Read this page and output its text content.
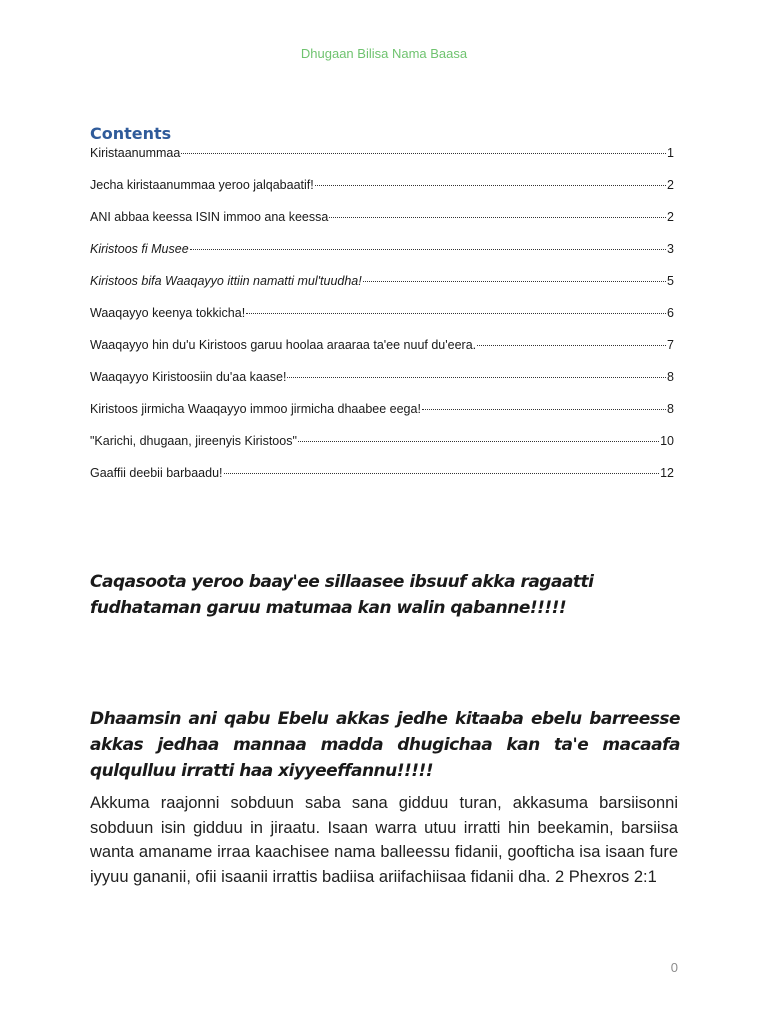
Dhugaan Bilisa Nama Baasa
Contents
Kiristaanummaa	1
Jecha kiristaanummaa yeroo jalqabaatif!	2
ANI abbaa keessa ISIN immoo ana keessa	2
Kiristoos fi Musee	3
Kiristoos bifa Waaqayyo ittiin namatti mul'tuudha!	5
Waaqayyo keenya tokkicha!	6
Waaqayyo hin du'u Kiristoos garuu hoolaa araaraa ta'ee nuuf du'eera.	7
Waaqayyo Kiristoosiin du'aa kaase!	8
Kiristoos jirmicha Waaqayyo immoo jirmicha dhaabee eega!	8
"Karichi, dhugaan, jireenyis Kiristoos"	10
Gaaffii deebii barbaadu!	12
Caqasoota yeroo baay'ee sillaasee ibsuuf akka ragaatti fudhataman garuu matumaa kan walin qabanne!!!!!
Dhaamsin ani qabu Ebelu akkas jedhe kitaaba ebelu barreesse akkas jedhaa mannaa madda dhugichaa kan ta'e macaafa qulqulluu irratti haa xiyyeeffannu!!!!!

Akkuma raajonni sobduun saba sana gidduu turan, akkasuma barsiisonni sobduun isin gidduu in jiraatu. Isaan warra utuu irratti hin beekamin, barsiisa wanta amaname irraa kaachisee nama balleessu fidanii, goofticha isa isaan fure iyyuu gananii, ofii isaanii irrattis badiisa ariifachiisaa fidanii dha. 2 Phexros 2:1

0
